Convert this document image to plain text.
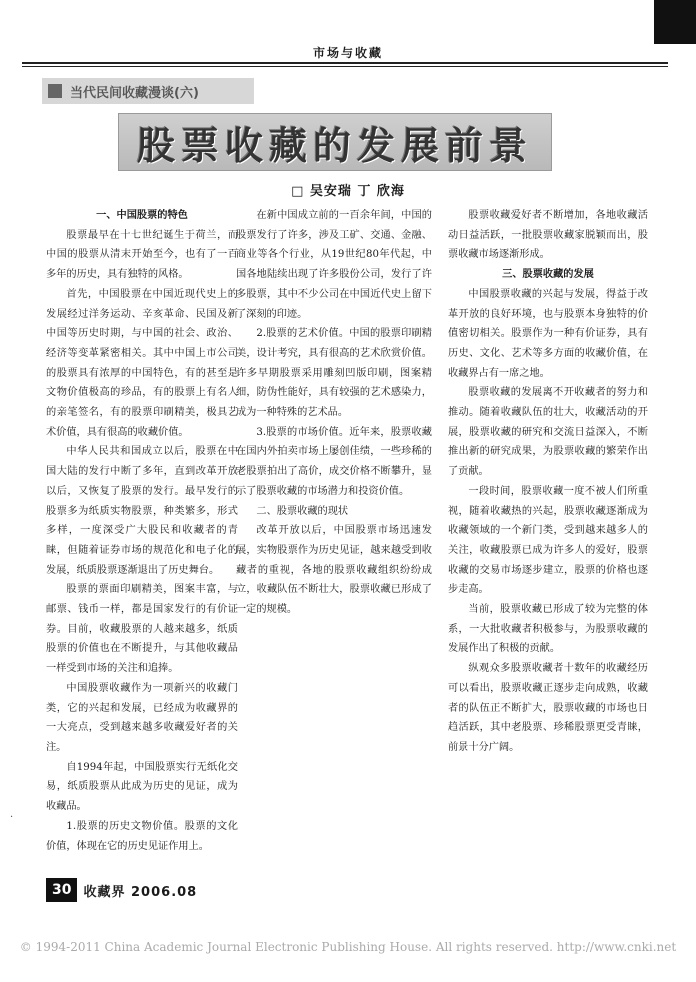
市场与收藏
当代民间收藏漫谈(六)
股票收藏的发展前景
□ 吴安瑞 丁 欣海
一、中国股票的特色

股票最早在十七世纪诞生于荷兰，而中国的股票从清末开始至今，也有了一百多年的历史，具有独特的风格。

首先，中国股票在中国近现代史上的发展经过洋务运动、辛亥革命、民国及新中国等历史时期，与中国的社会、政治、经济等变革紧密相关。其中中国上市公司的股票具有浓厚的中国特色，有的甚至是文物价值极高的珍品，有的股票上有名人的亲笔签名，有的股票印刷精美，极具艺术价值，具有很高的收藏价值。

中华人民共和国成立以后，股票在中国大陆的发行中断了多年，直到改革开放以后，又恢复了股票的发行。最早发行的股票多为纸质实物股票，种类繁多，形式多样，一度深受广大股民和收藏者的青睐，但随着证券市场的规范化和电子化的发展，纸质股票逐渐退出了历史舞台。

股票的票面印刷精美，图案丰富，与邮票、钱币一样，都是国家发行的有价证券。目前，收藏股票的人越来越多，纸质股票的价值也在不断提升，与其他收藏品一样受到市场的关注和追捧。

中国股票收藏作为一项新兴的收藏门类，它的兴起和发展，已经成为收藏界的一大亮点，受到越来越多收藏爱好者的关注。

自1994年起，中国股票实行无纸化交易，纸质股票从此成为历史的见证，成为收藏品。

1.股票的历史文物价值。股票的文化价值，体现在它的历史见证作用上。

在新中国成立前的一百余年间，中国的股票发行了许多，涉及工矿、交通、金融、商业等各个行业，从19世纪80年代起，中国各地陆续出现了许多股份公司，发行了许多股票，其中不少公司在中国近代史上留下了深刻的印迹。

2.股票的艺术价值。中国的股票印刷精美，设计考究，具有很高的艺术欣赏价值。许多早期股票采用雕刻凹版印刷，图案精细，防伪性能好，具有较强的艺术感染力，成为一种特殊的艺术品。

3.股票的市场价值。近年来，股票收藏在国内外拍卖市场上屡创佳绩，一些珍稀的老股票拍出了高价，成交价格不断攀升，显示了股票收藏的市场潜力和投资价值。

二、股票收藏的现状

改革开放以后，中国股票市场迅速发展，实物股票作为历史见证，越来越受到收藏者的重视，各地的股票收藏组织纷纷成立，收藏队伍不断壮大，股票收藏已形成了一定的规模。

股票收藏爱好者不断增加，各地收藏活动日益活跃，一批股票收藏家脱颖而出，股票收藏市场逐渐形成。

三、股票收藏的发展

中国股票收藏的兴起与发展，得益于改革开放的良好环境，也与股票本身独特的价值密切相关。股票作为一种有价证券，具有历史、文化、艺术等多方面的收藏价值，在收藏界占有一席之地。

股票收藏的发展离不开收藏者的努力和推动。随着收藏队伍的壮大，收藏活动的开展，股票收藏的研究和交流日益深入，不断推出新的研究成果，为股票收藏的繁荣作出了贡献。

一段时间，股票收藏一度不被人们所重视，随着收藏热的兴起，股票收藏逐渐成为收藏领域的一个新门类，受到越来越多人的关注，收藏股票已成为许多人的爱好，股票收藏的交易市场逐步建立，股票的价格也逐步走高。

当前，股票收藏已形成了较为完整的体系，一大批收藏者积极参与，为股票收藏的发展作出了积极的贡献。

纵观众多股票收藏者十数年的收藏经历可以看出，股票收藏正逐步走向成熟，收藏者的队伍正不断扩大，股票收藏的市场也日趋活跃，其中老股票、珍稀股票更受青睐，前景十分广阔。

·
30 收藏界 2006.08
© 1994-2011 China Academic Journal Electronic Publishing House. All rights reserved. http://www.cnki.net
